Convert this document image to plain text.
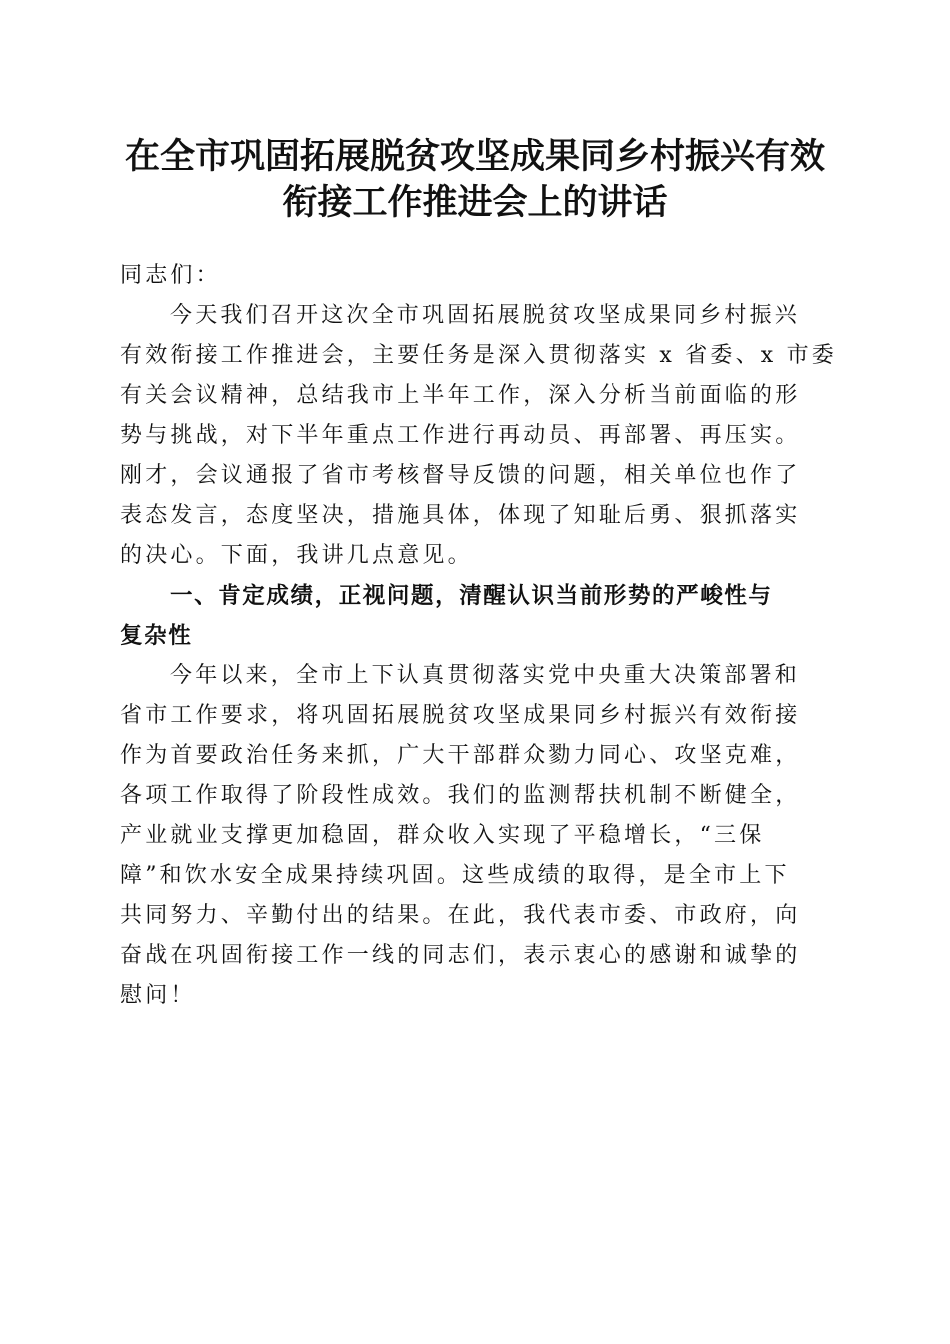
在全市巩固拓展脱贫攻坚成果同乡村振兴有效
衔接工作推进会上的讲话
同志们：
今天我们召开这次全市巩固拓展脱贫攻坚成果同乡村振兴
有效衔接工作推进会，主要任务是深入贯彻落实 x 省委、x 市委
有关会议精神，总结我市上半年工作，深入分析当前面临的形
势与挑战，对下半年重点工作进行再动员、再部署、再压实。
刚才，会议通报了省市考核督导反馈的问题，相关单位也作了
表态发言，态度坚决，措施具体，体现了知耻后勇、狠抓落实
的决心。下面，我讲几点意见。
一、肯定成绩，正视问题，清醒认识当前形势的严峻性与
复杂性
今年以来，全市上下认真贯彻落实党中央重大决策部署和
省市工作要求，将巩固拓展脱贫攻坚成果同乡村振兴有效衔接
作为首要政治任务来抓，广大干部群众勠力同心、攻坚克难，
各项工作取得了阶段性成效。我们的监测帮扶机制不断健全，
产业就业支撑更加稳固，群众收入实现了平稳增长，“三保
障”和饮水安全成果持续巩固。这些成绩的取得，是全市上下
共同努力、辛勤付出的结果。在此，我代表市委、市政府，向
奋战在巩固衔接工作一线的同志们，表示衷心的感谢和诚挚的
慰问！
